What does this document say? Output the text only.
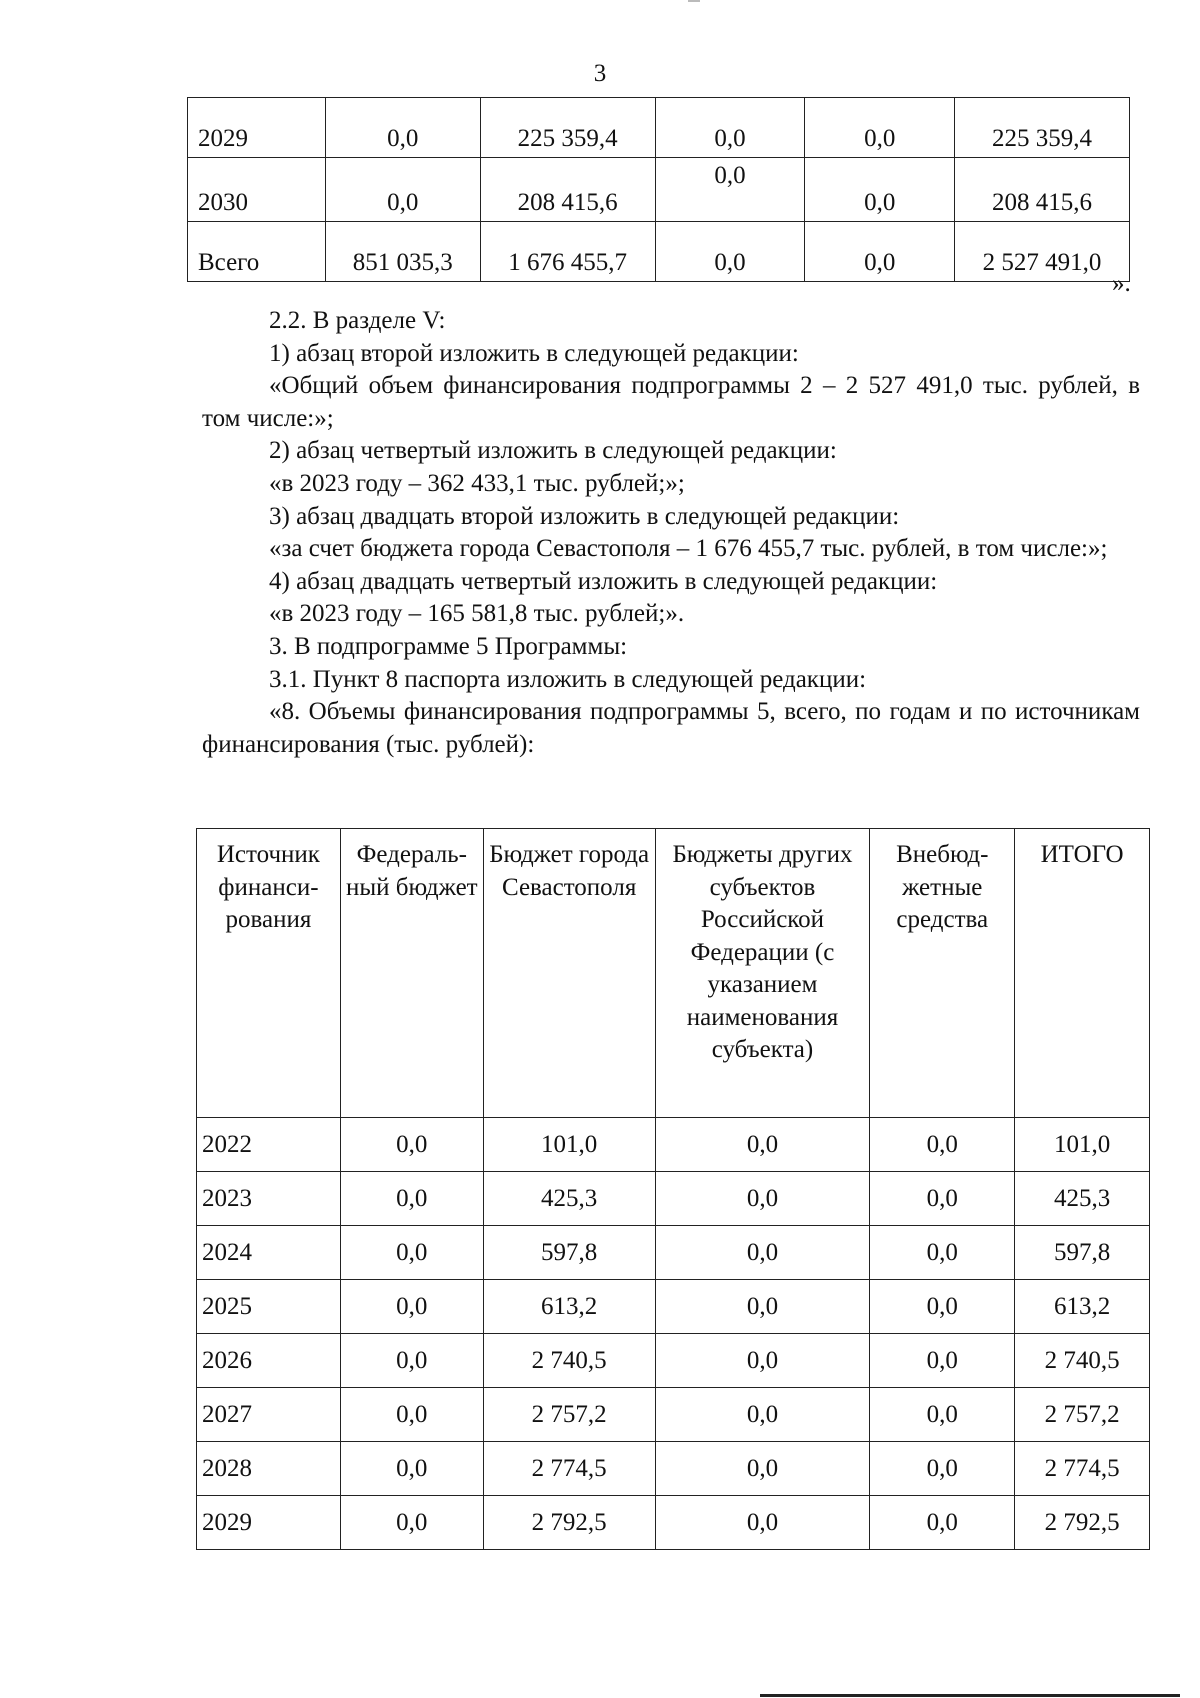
3
2029	0,0	225 359,4	0,0	0,0	225 359,4
2030	0,0	208 415,6	0,0	0,0	208 415,6
Всего	851 035,3	1 676 455,7	0,0	0,0	2 527 491,0
».

2.2. В разделе V:

1) абзац второй изложить в следующей редакции:

«Общий объем финансирования подпрограммы 2 – 2 527 491,0 тыс. рублей, в том числе:»;

2) абзац четвертый изложить в следующей редакции:

«в 2023 году – 362 433,1 тыс. рублей;»;

3) абзац двадцать второй изложить в следующей редакции:

«за счет бюджета города Севастополя – 1 676 455,7 тыс. рублей, в том числе:»;

4) абзац двадцать четвертый изложить в следующей редакции:

«в 2023 году – 165 581,8 тыс. рублей;».

3. В подпрограмме 5 Программы:

3.1. Пункт 8 паспорта изложить в следующей редакции:

«8. Объемы финансирования подпрограммы 5, всего, по годам и по источникам финансирования (тыс. рублей):

Источник финанси-рования	Федераль-ный бюджет	Бюджет города Севастополя	Бюджеты других субъектов Российской Федерации (с указанием наименования субъекта)	Внебюд-жетные средства	ИТОГО
2022	0,0	101,0	0,0	0,0	101,0
2023	0,0	425,3	0,0	0,0	425,3
2024	0,0	597,8	0,0	0,0	597,8
2025	0,0	613,2	0,0	0,0	613,2
2026	0,0	2 740,5	0,0	0,0	2 740,5
2027	0,0	2 757,2	0,0	0,0	2 757,2
2028	0,0	2 774,5	0,0	0,0	2 774,5
2029	0,0	2 792,5	0,0	0,0	2 792,5
